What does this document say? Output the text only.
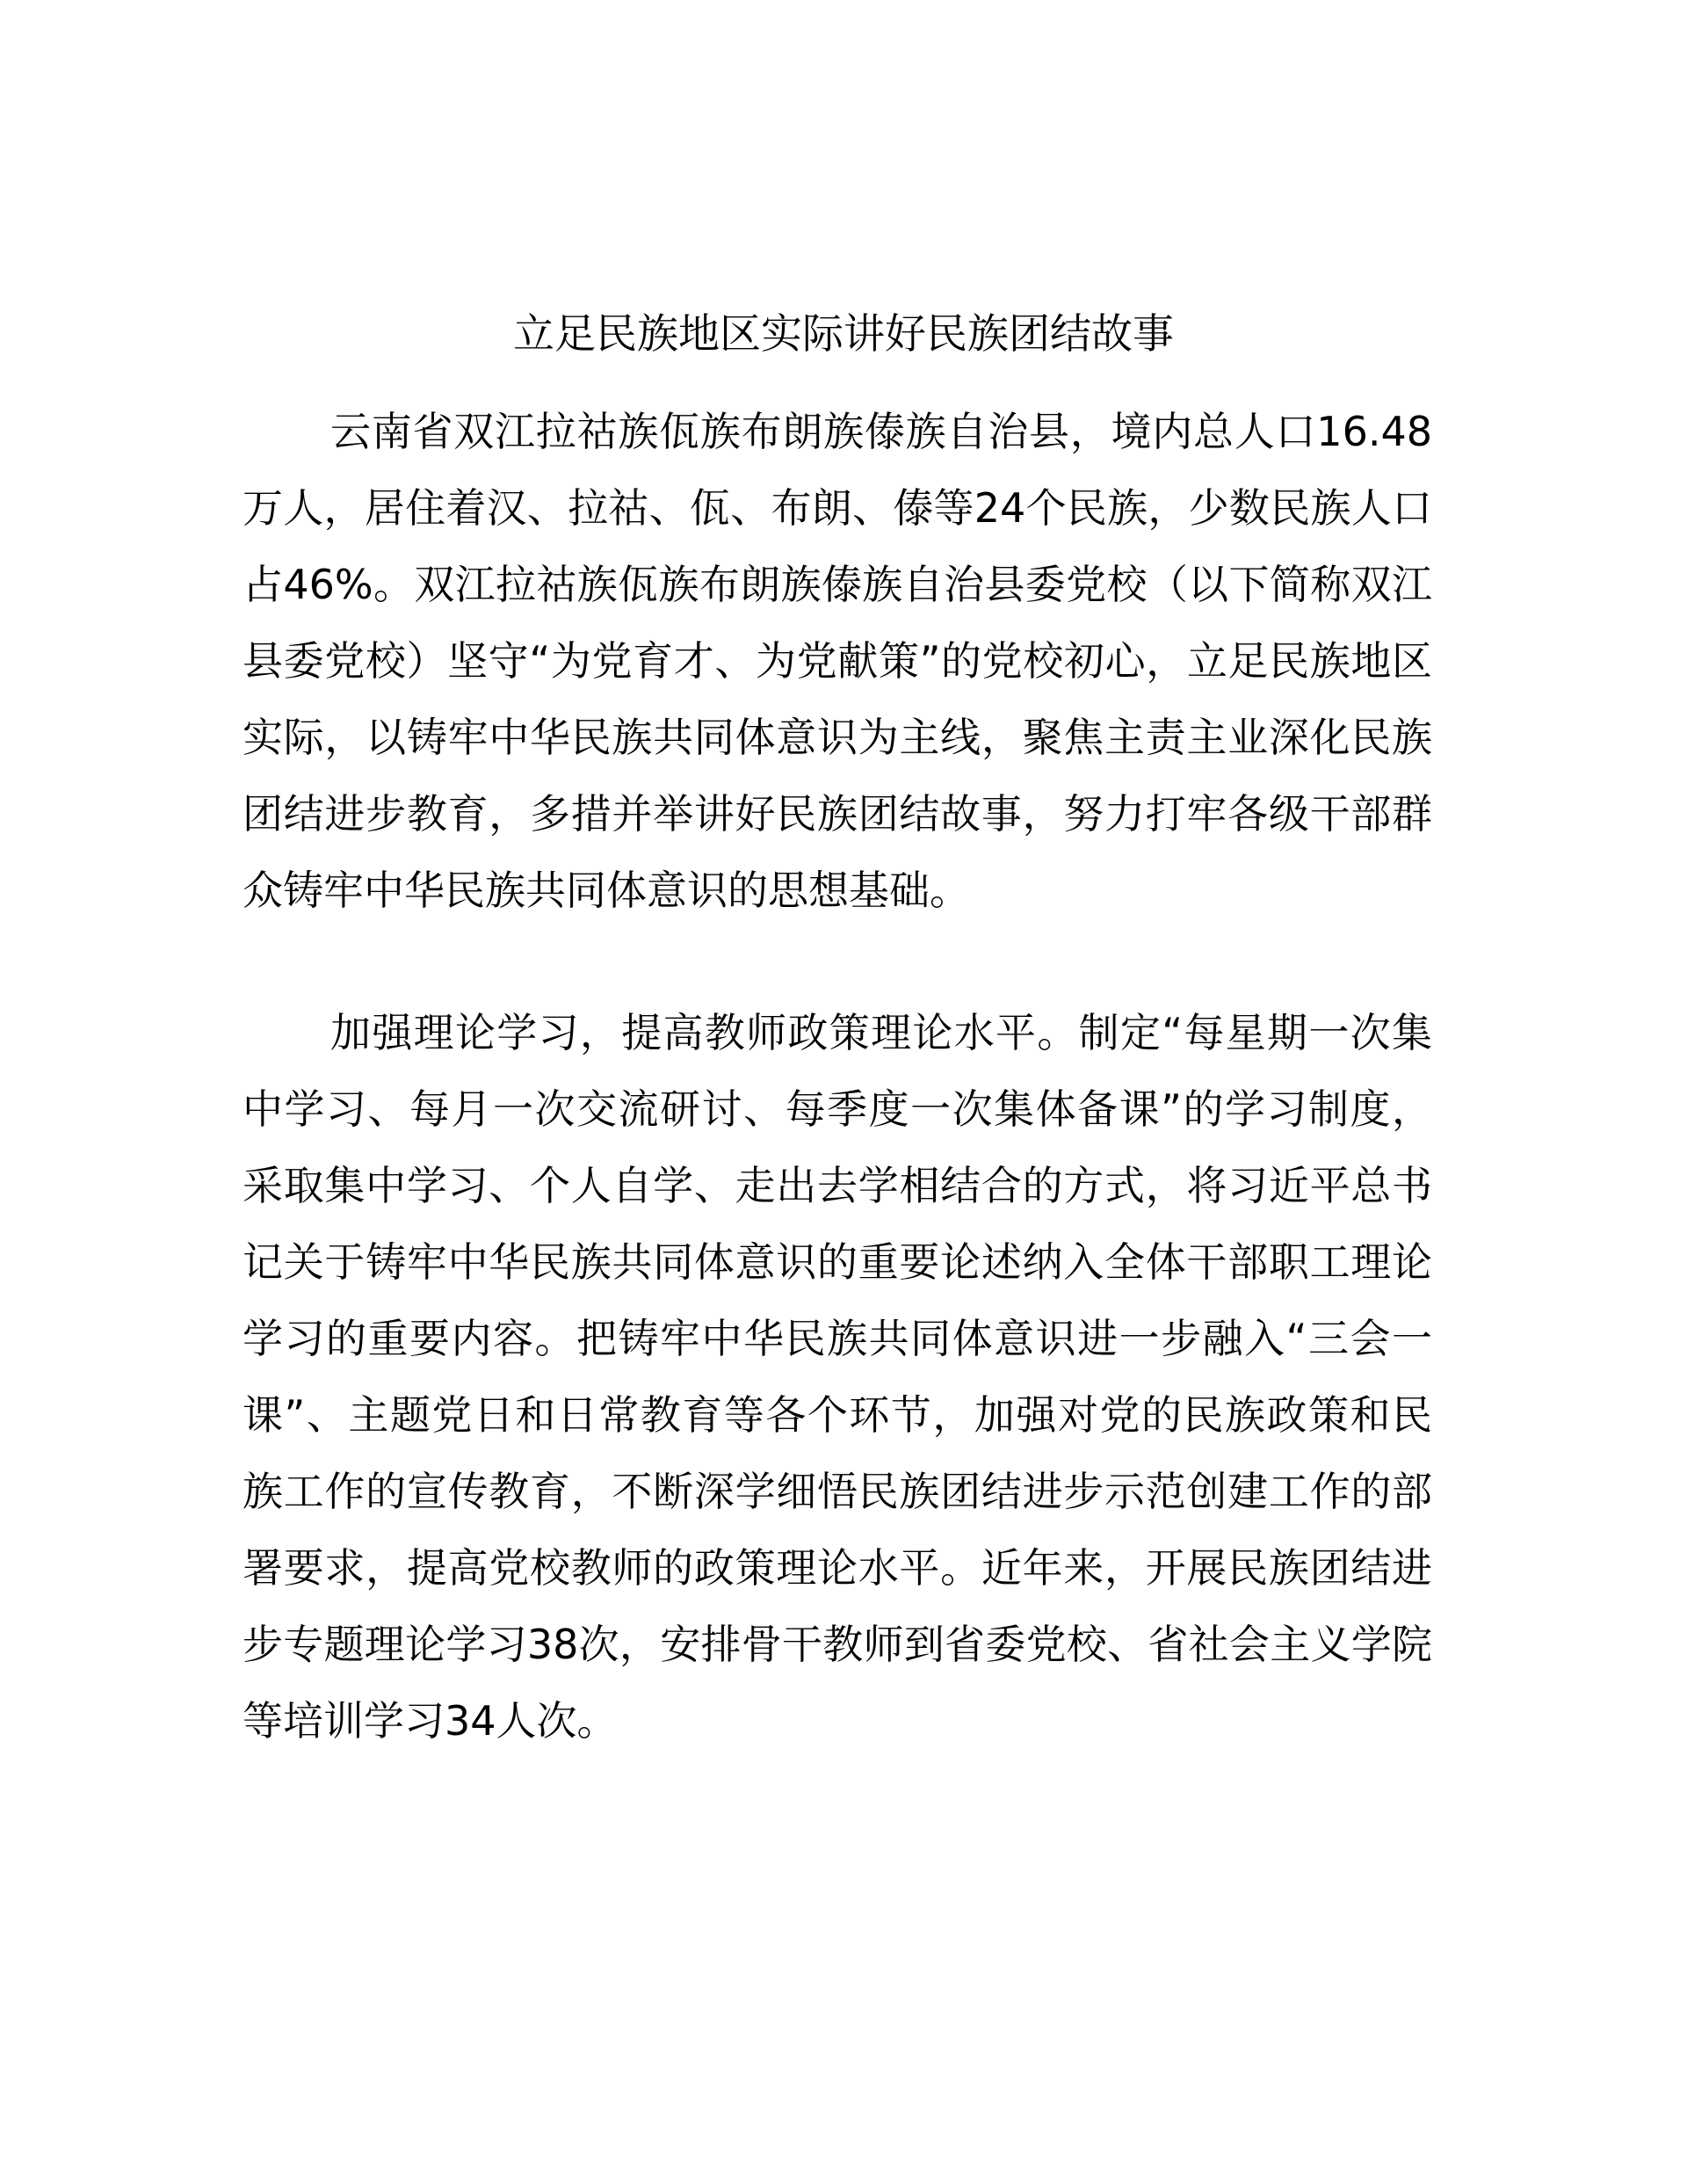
立足民族地区实际讲好民族团结故事

云南省双江拉祜族佤族布朗族傣族自治县，境内总人口16.48万人，居住着汉、拉祜、佤、布朗、傣等24个民族，少数民族人口占46%。双江拉祜族佤族布朗族傣族自治县委党校（以下简称双江县委党校）坚守“为党育才、为党献策”的党校初心，立足民族地区实际，以铸牢中华民族共同体意识为主线，聚焦主责主业深化民族团结进步教育，多措并举讲好民族团结故事，努力打牢各级干部群众铸牢中华民族共同体意识的思想基础。

加强理论学习，提高教师政策理论水平。制定“每星期一次集中学习、每月一次交流研讨、每季度一次集体备课”的学习制度，采取集中学习、个人自学、走出去学相结合的方式，将习近平总书记关于铸牢中华民族共同体意识的重要论述纳入全体干部职工理论学习的重要内容。把铸牢中华民族共同体意识进一步融入“三会一课”、主题党日和日常教育等各个环节，加强对党的民族政策和民族工作的宣传教育，不断深学细悟民族团结进步示范创建工作的部署要求，提高党校教师的政策理论水平。近年来，开展民族团结进步专题理论学习38次，安排骨干教师到省委党校、省社会主义学院等培训学习34人次。
